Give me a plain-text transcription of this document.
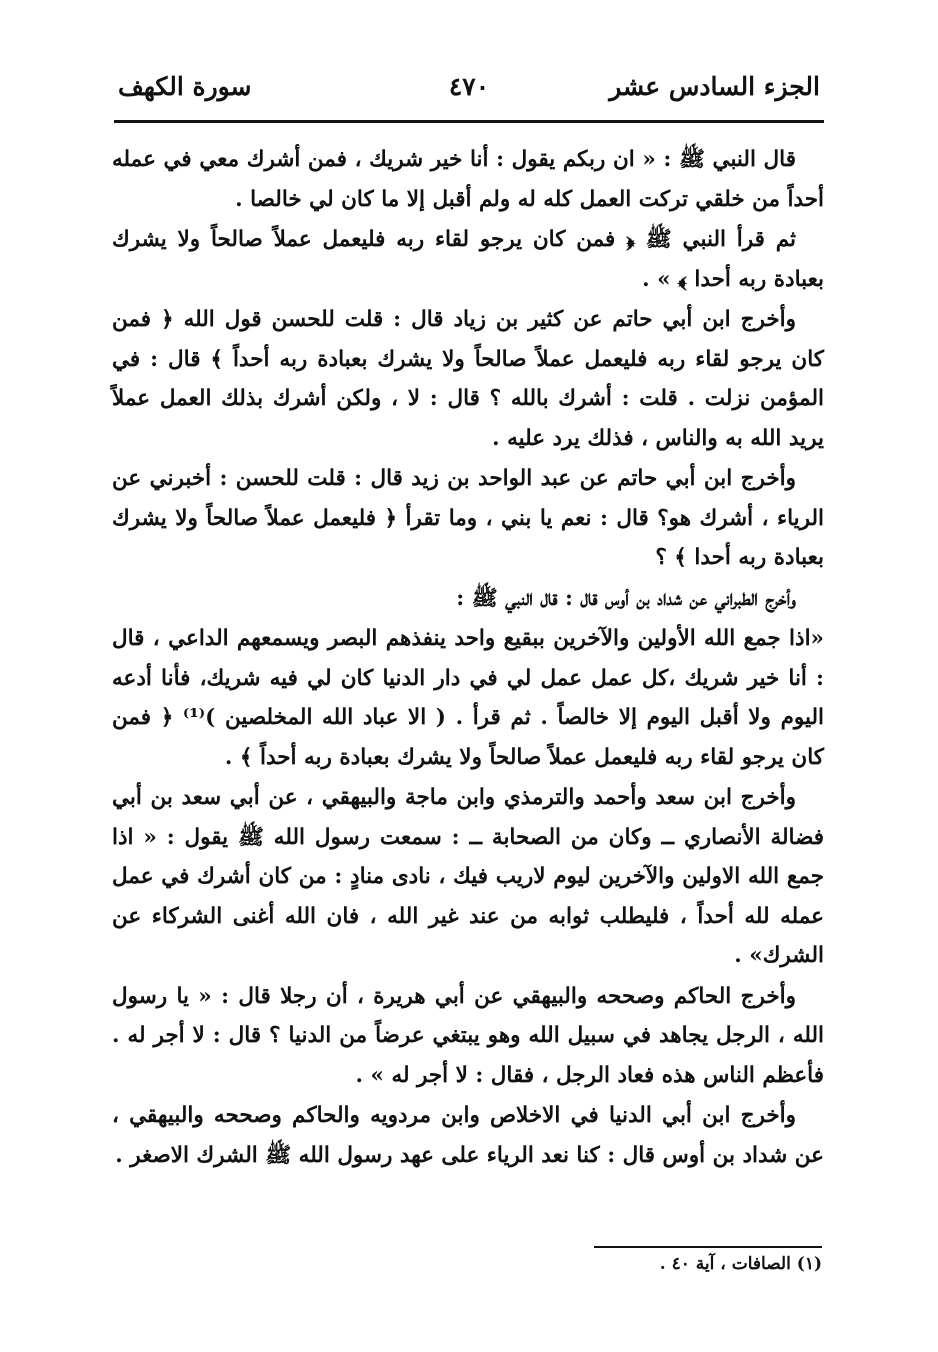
الجزء السادس عشر
٤٧٠
سورة الكهف

قال النبي ﷺ : « ان ربكم يقول : أنا خير شريك ، فمن أشرك معي في عمله أحداً من خلقي تركت العمل كله له ولم أقبل إلا ما كان لي خالصا .

ثم قرأ النبي ﷺ ﴿ فمن كان يرجو لقاء ربه فليعمل عملاً صالحاً ولا يشرك بعبادة ربه أحدا ﴾ » .

وأخرج ابن أبي حاتم عن كثير بن زياد قال : قلت للحسن قول الله ﴿ فمن كان يرجو لقاء ربه فليعمل عملاً صالحاً ولا يشرك بعبادة ربه أحداً ﴾ قال : في المؤمن نزلت . قلت : أشرك بالله ؟ قال : لا ، ولكن أشرك بذلك العمل عملاً يريد الله به والناس ، فذلك يرد عليه .

وأخرج ابن أبي حاتم عن عبد الواحد بن زيد قال : قلت للحسن : أخبرني عن الرياء ، أشرك هو؟ قال : نعم يا بني ، وما تقرأ ﴿ فليعمل عملاً صالحاً ولا يشرك بعبادة ربه أحدا ﴾ ؟

وأخرج الطبراني عن شداد بن أوس قال : قال النبي ﷺ :

«اذا جمع الله الأولين والآخرين ببقيع واحد ينفذهم البصر ويسمعهم الداعي ، قال : أنا خير شريك ،كل عمل عمل لي في دار الدنيا كان لي فيه شريك، فأنا أدعه اليوم ولا أقبل اليوم إلا خالصاً . ثم قرأ . ( الا عباد الله المخلصين )⁽¹⁾ ﴿ فمن كان يرجو لقاء ربه فليعمل عملاً صالحاً ولا يشرك بعبادة ربه أحداً ﴾ .

وأخرج ابن سعد وأحمد والترمذي وابن ماجة والبيهقي ، عن أبي سعد بن أبي فضالة الأنصاري ــ وكان من الصحابة ــ : سمعت رسول الله ﷺ يقول : « اذا جمع الله الاولين والآخرين ليوم لاريب فيك ، نادى منادٍ : من كان أشرك في عمل عمله لله أحداً ، فليطلب ثوابه من عند غير الله ، فان الله أغنى الشركاء عن الشرك» .

وأخرج الحاكم وصححه والبيهقي عن أبي هريرة ، أن رجلا قال : « يا رسول الله ، الرجل يجاهد في سبيل الله وهو يبتغي عرضاً من الدنيا ؟ قال : لا أجر له . فأعظم الناس هذه فعاد الرجل ، فقال : لا أجر له » .

وأخرج ابن أبي الدنيا في الاخلاص وابن مردويه والحاكم وصححه والبيهقي ، عن شداد بن أوس قال : كنا نعد الرياء على عهد رسول الله ﷺ الشرك الاصغر .

(١) الصافات ، آية ٤٠ .
